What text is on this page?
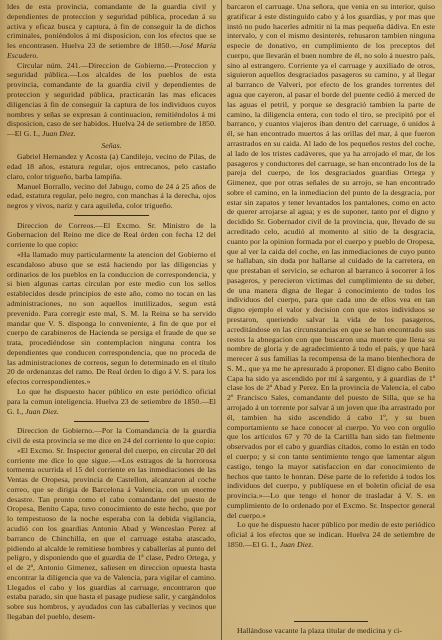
ldes de esta provincia, comandante de la guardia civil y dependientes de proteccion y seguridad pública, procedan á su activa y eficaz busca y captura, á fin de conseguir la de dichos criminales, poniéndolos á mi disposicion, con los efectos que se les encontrasen. Huelva 23 de setiembre de 1850.—José María Escudero.

Circular núm. 241.—Direccion de Gobierno.—Proteccion y seguridad pública.—Los alcaldes de los pueblos de esta provincia, comandante de la guardia civil y dependientes de proteccion y seguridad pública, practicarán las mas eficaces diligencias á fin de conseguir la captura de los individuos cuyos nombres y señas se expresan á continuacion, remitiéndolos á mi disposicion, caso de ser habidos. Huelva 24 de setiembre de 1850.—El G. I., Juan Diez.

Señas.

Gabriel Hernandez y Acosta (a) Candilejo, vecino de Pilas, de edad 18 años, estatura regular, ojos entrecanos, pelo castaño claro, color trigueño, barba lampiña.

Manuel Borrallo, vecino del Jabugo, como de 24 á 25 años de edad, estatura regular, pelo negro, con manchas á la derecha, ojos negros y vivos, nariz y cara aguileña, color trigueño.

Direccion de Correos.—El Excmo. Sr. Ministro de la Gobernacion del Reino me dice de Real órden con fecha 12 del corriente lo que copio:

«Ha llamado muy particularmente la atencion del Gobierno el escandaloso abuso que se está haciendo por las diligencias y ordinarios de los pueblos en la conduccion de correspondencia, y si bien algunas cartas circulan por este medio con los sellos establecidos desde principios de este año, como no tocan en las administraciones, no son aquellos inutilizados, segun está prevenido. Para corregir este mal, S. M. la Reina se ha servido mandar que V. S. disponga lo conveniente, á fin de que por el cuerpo de carabineros de Hacienda se persiga el fraude de que se trata, procediéndose sin contemplacion ninguna contra los dependientes que conducen correspondencia, que no proceda de las administraciones de correos, segun lo determinado en el título 20 de ordenanzas del ramo. De Real órden lo digo á V. S. para los efectos correspondientes.»

Lo que he dispuesto hacer público en este periódico oficial para la comun inteligencia. Huelva 23 de setiembre de 1850.—El G. I., Juan Diez.

Direccion de Gobierno.—Por la Comandancia de la guardia civil de esta provincia se me dice en 24 del corriente lo que copio:

«El Excmo. Sr. Inspector general del cuerpo, en circular 20 del corriente me dice lo que sigue.—«Los estragos de la horrorosa tormenta ocurrida el 15 del corriente en las inmediaciones de las Ventas de Oropesa, provincia de Castellon, alcanzaron al coche correo, que se dirigia de Barcelona á Valencia, con un enorme desastre. Tan pronto como el cabo comandante del puesto de Oropesa, Benito Capa, tuvo conocimiento de este hecho, que por lo tempestuoso de la noche esperaba con la debida vigilancia, acudió con los guardias Antonio Abad y Wenceslao Perez al barranco de Chinchilla, en que el carruage estaba atascado, pidiendo al alcalde le remitiese hombres y caballerías al punto del peligro, y disponiendo que el guardia de 1ª clase, Pedro Ortega, y el de 2ª, Antonio Gimenez, saliesen en direccion opuesta hasta encontrar la diligencia que va de Valencia, para vigilar el camino. Llegados el cabo y los guardias al carruage, encontraron que estaba parado, sin que hasta el pasage pudiese salir, y cargándolos sobre sus hombros, y ayudados con las caballerías y vecinos que llegaban del pueblo, desem-

barcaron el carruage. Una señora, que venia en su interior, quiso gratificar á este distinguido cabo y á los guardias, y por mas que instó no pudo hacerles admitir ni la mas pequeña dádiva. En este intervalo, y con el mismo desinterés, rehusaron tambien ninguna especie de donativo, en cumplimiento de los preceptos del cuerpo, que llevarán el buen nombre de él, no solo á nuestro país, sino al estrangero. Corriente ya el carruage y auxiliado de otros, siguieron aquellos desgraciados pasageros su camino, y al llegar al barranco de Valveri, por efecto de los grandes torrentes del agua que cayeron, al pasar el borde del puente cedió á merced de las aguas el petril, y porque se desgració tambien la parte de camino, la diligencia entera, con todo el tiro, se precipitó por el barranco, y cuantos viajeros iban dentro del carruage, ó unidos á él, se han encontrado muertos á las orillas del mar, á que fueron arrastrados en su caida. Al lado de los pequeños restos del coche, al lado de los tristes cadáveres, que ya ha arrojado el mar, de los pasageros y conductores del carruage, se han encontrado los de la pareja del cuerpo, de los desgraciados guardias Ortega y Gimenez, que por otras señales de su arrojo, se han encontrado sobre el camino, en la inmediacion del punto de la desgracia, por estar sin zapatos y tener levantados los pantalones, como en acto de querer arrojarse al agua; y es de suponer, tanto por el digno y decidido Sr. Gobernador civil de la provincia, que, llevado de su acreditado celo, acudió al momento al sitio de la desgracia, cuanto por la opinion formada por el cuerpo y pueblo de Oropesa, que al ver la caida del coche, en las inmediaciones de cuyo punto se hallaban, sin duda por hallarse al cuidado de la carretera, en que prestaban el servicio, se echaron al barranco á socorrer á los pasageros, y perecieron víctimas del cumplimiento de su deber, de una manera digna de llegar á conocimiento de todos los individuos del cuerpo, para que cada uno de ellos vea en tan digno ejemplo el valor y decision con que estos individuos se prestaron, queriendo salvar la vida de los pasageros, acreditándose en las circunstancias en que se han encontrado sus restos la abnegacion con que buscaron una muerte que llena su nombre de gloria y de agradecimiento á todo el país, y que hará merecer á sus familias la recompensa de la mano bienhechora de S. M., que ya me he apresurado á proponer. El digno cabo Benito Capa ha sido ya ascendido por mí á sargento, y á guardias de 1ª clase los de 2ª Abad y Perez. En la provincia de Valencia, el cabo 2º Francisco Sales, comandante del puesto de Silla, que se ha arrojado á un torrente por salvar á un joven que iba arrastrado por él, tambien ha sido ascendido á cabo 1º, y su buen comportamiento se hace conocer al cuerpo. Yo veo con orgullo que los artículos 67 y 70 de la Cartilla han sido tan fielmente observados por el cabo y guardias citados, como lo están en todo el cuerpo; y si con tanto sentimiento tengo que lamentar algun castigo, tengo la mayor satisfaccion en dar conocimiento de hechos que tanto le honran. Dése parte de lo referido á todos los individuos del cuerpo, y publíquese en el boletin oficial de esa provincia.»—Lo que tengo el honor de trasladar á V. S. en cumplimiento de lo ordenado por el Excmo. Sr. Inspector general del cuerpo.»

Lo que he dispuesto hacer público por medio de este periódico oficial á los efectos que se indican. Huelva 24 de setiembre de 1850.—El G. I., Juan Diez.

Hallándose vacante la plaza titular de medicina y ci-
